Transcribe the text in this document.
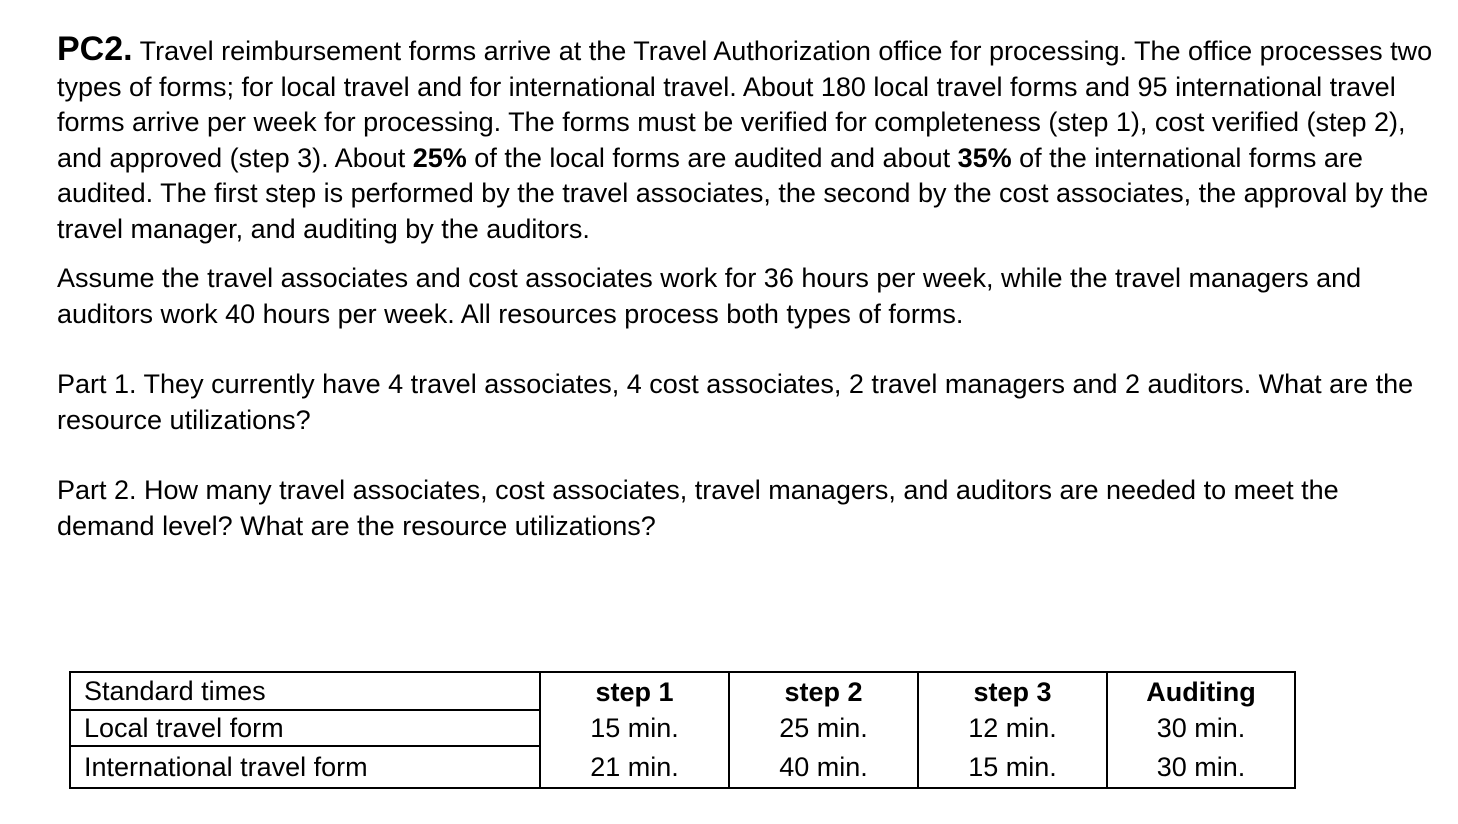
PC2. Travel reimbursement forms arrive at the Travel Authorization office for processing. The office processes two types of forms; for local travel and for international travel. About 180 local travel forms and 95 international travel forms arrive per week for processing. The forms must be verified for completeness (step 1), cost verified (step 2), and approved (step 3). About 25% of the local forms are audited and about 35% of the international forms are audited. The first step is performed by the travel associates, the second by the cost associates, the approval by the travel manager, and auditing by the auditors.

Assume the travel associates and cost associates work for 36 hours per week, while the travel managers and auditors work 40 hours per week. All resources process both types of forms.

Part 1. They currently have 4 travel associates, 4 cost associates, 2 travel managers and 2 auditors. What are the resource utilizations?

Part 2. How many travel associates, cost associates, travel managers, and auditors are needed to meet the demand level? What are the resource utilizations?

Standard times	step 1	step 2	step 3	Auditing
Local travel form	15 min.	25 min.	12 min.	30 min.
International travel form	21 min.	40 min.	15 min.	30 min.
